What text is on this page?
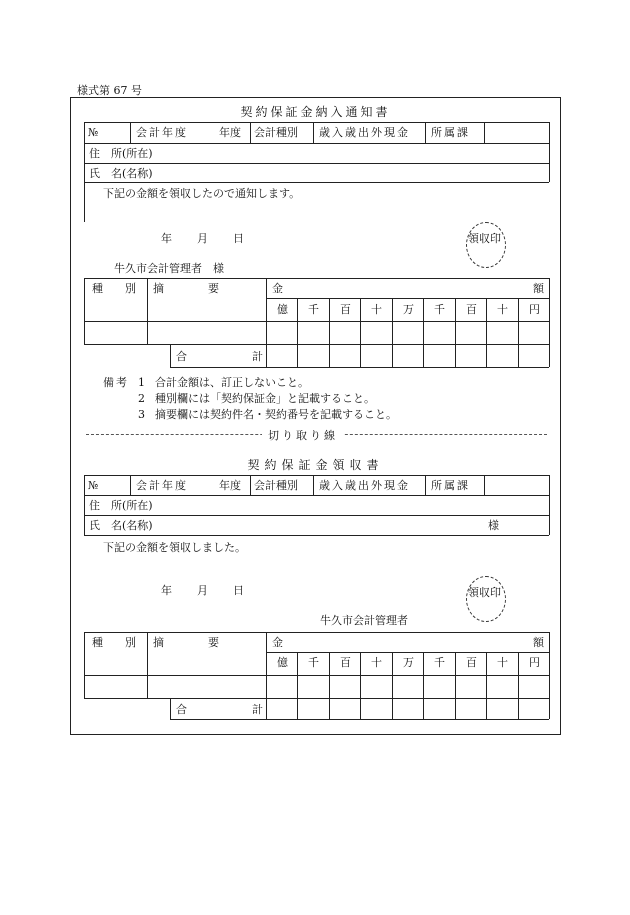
様式第 67 号
契約保証金納入通知書
№	会計年度	年度 会計種別 歳入歳出外現金 所属課
住　所(所在)
氏　名(名称)
下記の金額を領収したので通知します。
年 月 日	領収印
牛久市会計管理者　様
種　　別 摘　　　　要	金	額
億 千 百 十 万 千 百 十 円
合	計
備考 1 合計金額は、訂正しないこと。
2 種別欄には「契約保証金」と記載すること。
3 摘要欄には契約件名・契約番号を記載すること。
切り取り線
契約保証金領収書
№	会計年度	年度 会計種別 歳入歳出外現金 所属課
住　所(所在)
氏　名(名称)	様
下記の金額を領収しました。
年 月 日	領収印
牛久市会計管理者
種　　別 摘　　　　要	金	額
億 千 百 十 万 千 百 十 円
合	計
